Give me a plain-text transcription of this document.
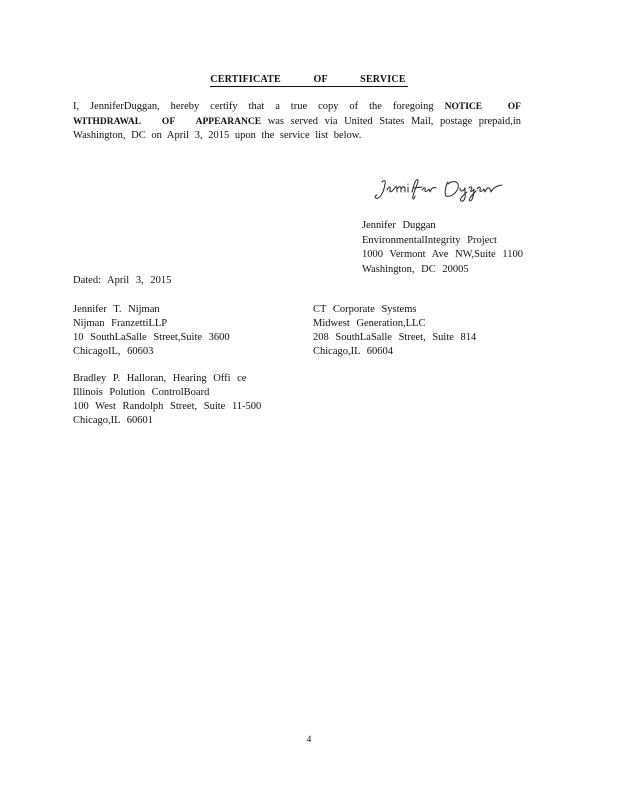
CERTIFICATE OF SERVICE
I, JenniferDuggan, hereby certify that a true copy of the foregoing NOTICE OF WITHDRAWAL OF APPEARANCE was served via United States Mail, postage prepaid,in Washington, DC on April 3, 2015 upon the service list below.
Jennifer Duggan
EnvironmentalIntegrity Project
1000 Vermont Ave NW,Suite 1100
Washington, DC 20005
Dated: April 3, 2015
Jennifer T. Nijman
Nijman FranzettiLLP
10 SouthLaSalle Street,Suite 3600
ChicagoIL, 60603
CT Corporate Systems
Midwest Generation,LLC
208 SouthLaSalle Street, Suite 814
Chicago,IL 60604
Bradley P. Halloran, Hearing Offi ce
Illinois Polution ControlBoard
100 West Randolph Street, Suite 11-500
Chicago,IL 60601
4
